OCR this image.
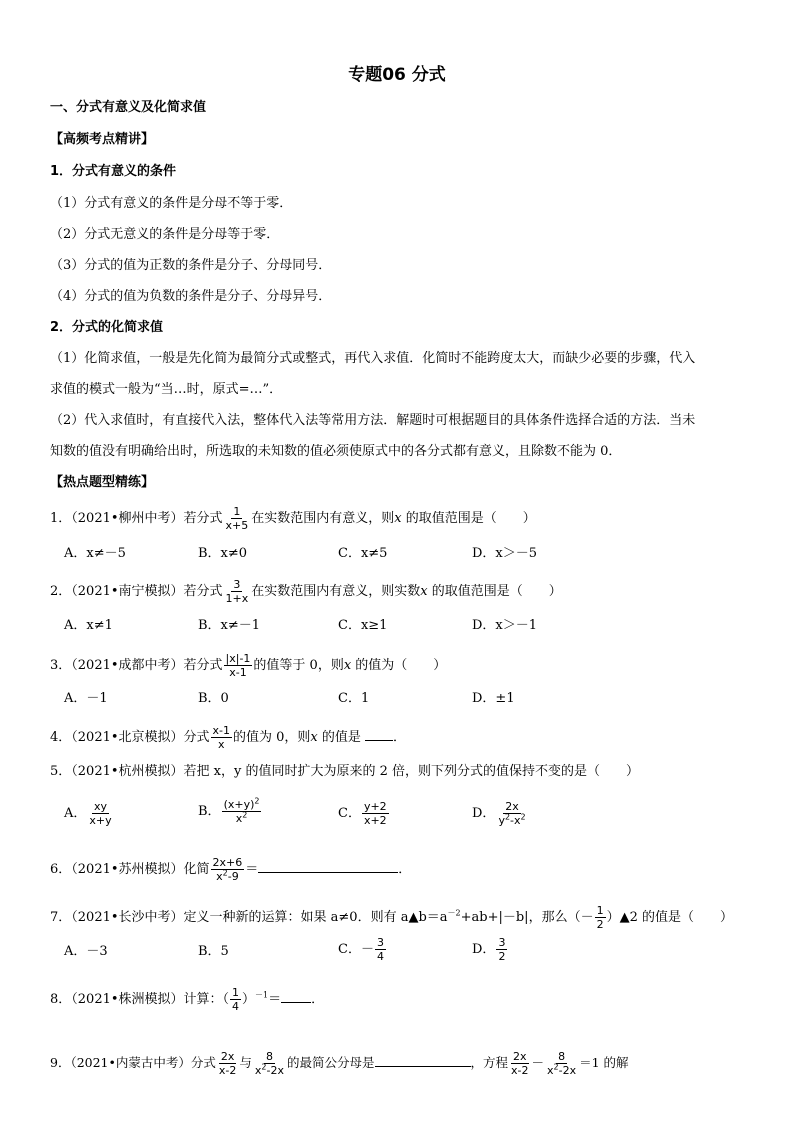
专题06 分式
一、分式有意义及化简求值
【高频考点精讲】
1．分式有意义的条件
（1）分式有意义的条件是分母不等于零．
（2）分式无意义的条件是分母等于零．
（3）分式的值为正数的条件是分子、分母同号．
（4）分式的值为负数的条件是分子、分母异号．
2．分式的化简求值
（1）化简求值，一般是先化简为最简分式或整式，再代入求值．化简时不能跨度太大，而缺少必要的步骤，代入
求值的模式一般为“当…时，原式=…”．
（2）代入求值时，有直接代入法，整体代入法等常用方法．解题时可根据题目的具体条件选择合适的方法．当未
知数的值没有明确给出时，所选取的未知数的值必须使原式中的各分式都有意义，且除数不能为 0．
【热点题型精练】
1．（2021•柳州中考）若分式 $\frac{1}{x+5}$ 在实数范围内有意义，则x 的取值范围是（　　）
A．x≠－5	B．x≠0	C．x≠5	D．x＞－5
2．（2021•南宁模拟）若分式 $\frac{3}{1+x}$ 在实数范围内有意义，则实数x 的取值范围是（　　）
A．x≠1	B．x≠－1	C．x≥1	D．x＞－1
3．（2021•成都中考）若分式 $\frac{|x|-1}{x-1}$ 的值等于 0，则x 的值为（　　）
A．－1	B．0	C．1	D．±1
4．（2021•北京模拟）分式 $\frac{x-1}{x}$ 的值为 0，则x 的值是 ．
5．（2021•杭州模拟）若把 x，y 的值同时扩大为原来的 2 倍，则下列分式的值保持不变的是（　　）
A． $\frac{xy}{x+y}$	B． $\frac{(x+y)^2}{x^2}$	C． $\frac{y+2}{x+2}$	D． $\frac{2x}{y^2-x^2}$
6．（2021•苏州模拟）化简 $\frac{2x+6}{x^2-9}$ ＝	．
7．（2021•长沙中考）定义一种新的运算：如果 a≠0．则有 $a▲b=a^{-2}+ab+|-b|$，那么（－ $\frac{1}{2}$ ）▲2 的值是（　　）
A．－3	B．5	C．－ $\frac{3}{4}$	D． $\frac{3}{2}$
8．（2021•株洲模拟）计算：（ $\frac{1}{4} )^{-1}=$ ．
9．（2021•内蒙古中考）分式 $\frac{2x}{x-2}$ 与 $\frac{8}{x^2-2x}$ 的最简公分母是	，方程 $\frac{2x}{x-2} - \frac{8}{x^2-2x} =1$ 的解
